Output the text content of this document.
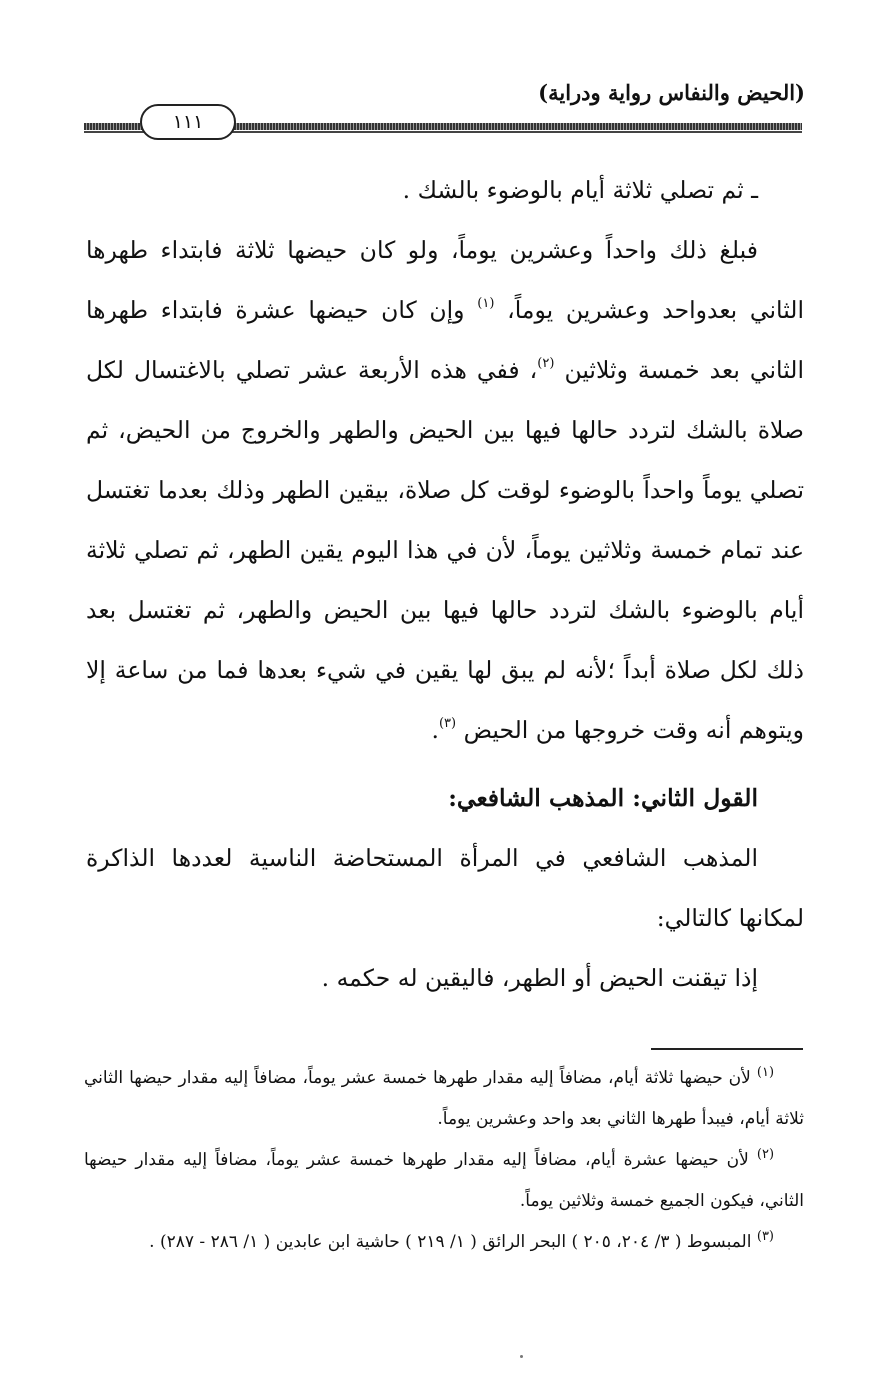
(الحيض والنفاس رواية ودراية)
١١١

ـ ثم تصلي ثلاثة أيام بالوضوء بالشك .

فبلغ ذلك واحداً وعشرين يوماً، ولو كان حيضها ثلاثة فابتداء طهرها الثاني بعدواحد وعشرين يوماً، $^{(١)}$ وإن كان حيضها عشرة فابتداء طهرها الثاني بعد خمسة وثلاثين $^{(٢)}$، ففي هذه الأربعة عشر تصلي بالاغتسال لكل صلاة بالشك لتردد حالها فيها بين الحيض والطهر والخروج من الحيض، ثم تصلي يوماً واحداً بالوضوء لوقت كل صلاة، بيقين الطهر وذلك بعدما تغتسل عند تمام خمسة وثلاثين يوماً، لأن في هذا اليوم يقين الطهر، ثم تصلي ثلاثة أيام بالوضوء بالشك لتردد حالها فيها بين الحيض والطهر، ثم تغتسل بعد ذلك لكل صلاة أبداً ؛لأنه لم يبق لها يقين في شيء بعدها فما من ساعة إلا ويتوهم أنه وقت خروجها من الحيض $^{(٣)}$.

القول الثاني: المذهب الشافعي:

المذهب الشافعي في المرأة المستحاضة الناسية لعددها الذاكرة لمكانها كالتالي:

إذا تيقنت الحيض أو الطهر، فاليقين له حكمه .

$^{(١)}$ لأن حيضها ثلاثة أيام، مضافاً إليه مقدار طهرها خمسة عشر يوماً، مضافاً إليه مقدار حيضها الثاني ثلاثة أيام، فيبدأ طهرها الثاني بعد واحد وعشرين يوماً.

$^{(٢)}$ لأن حيضها عشرة أيام، مضافاً إليه مقدار طهرها خمسة عشر يوماً، مضافاً إليه مقدار حيضها الثاني، فيكون الجميع خمسة وثلاثين يوماً.

$^{(٣)}$ المبسوط ( ٣/ ٢٠٤، ٢٠٥ ) البحر الرائق ( ١/ ٢١٩ ) حاشية ابن عابدين ( ١/ ٢٨٦ - ٢٨٧) .
